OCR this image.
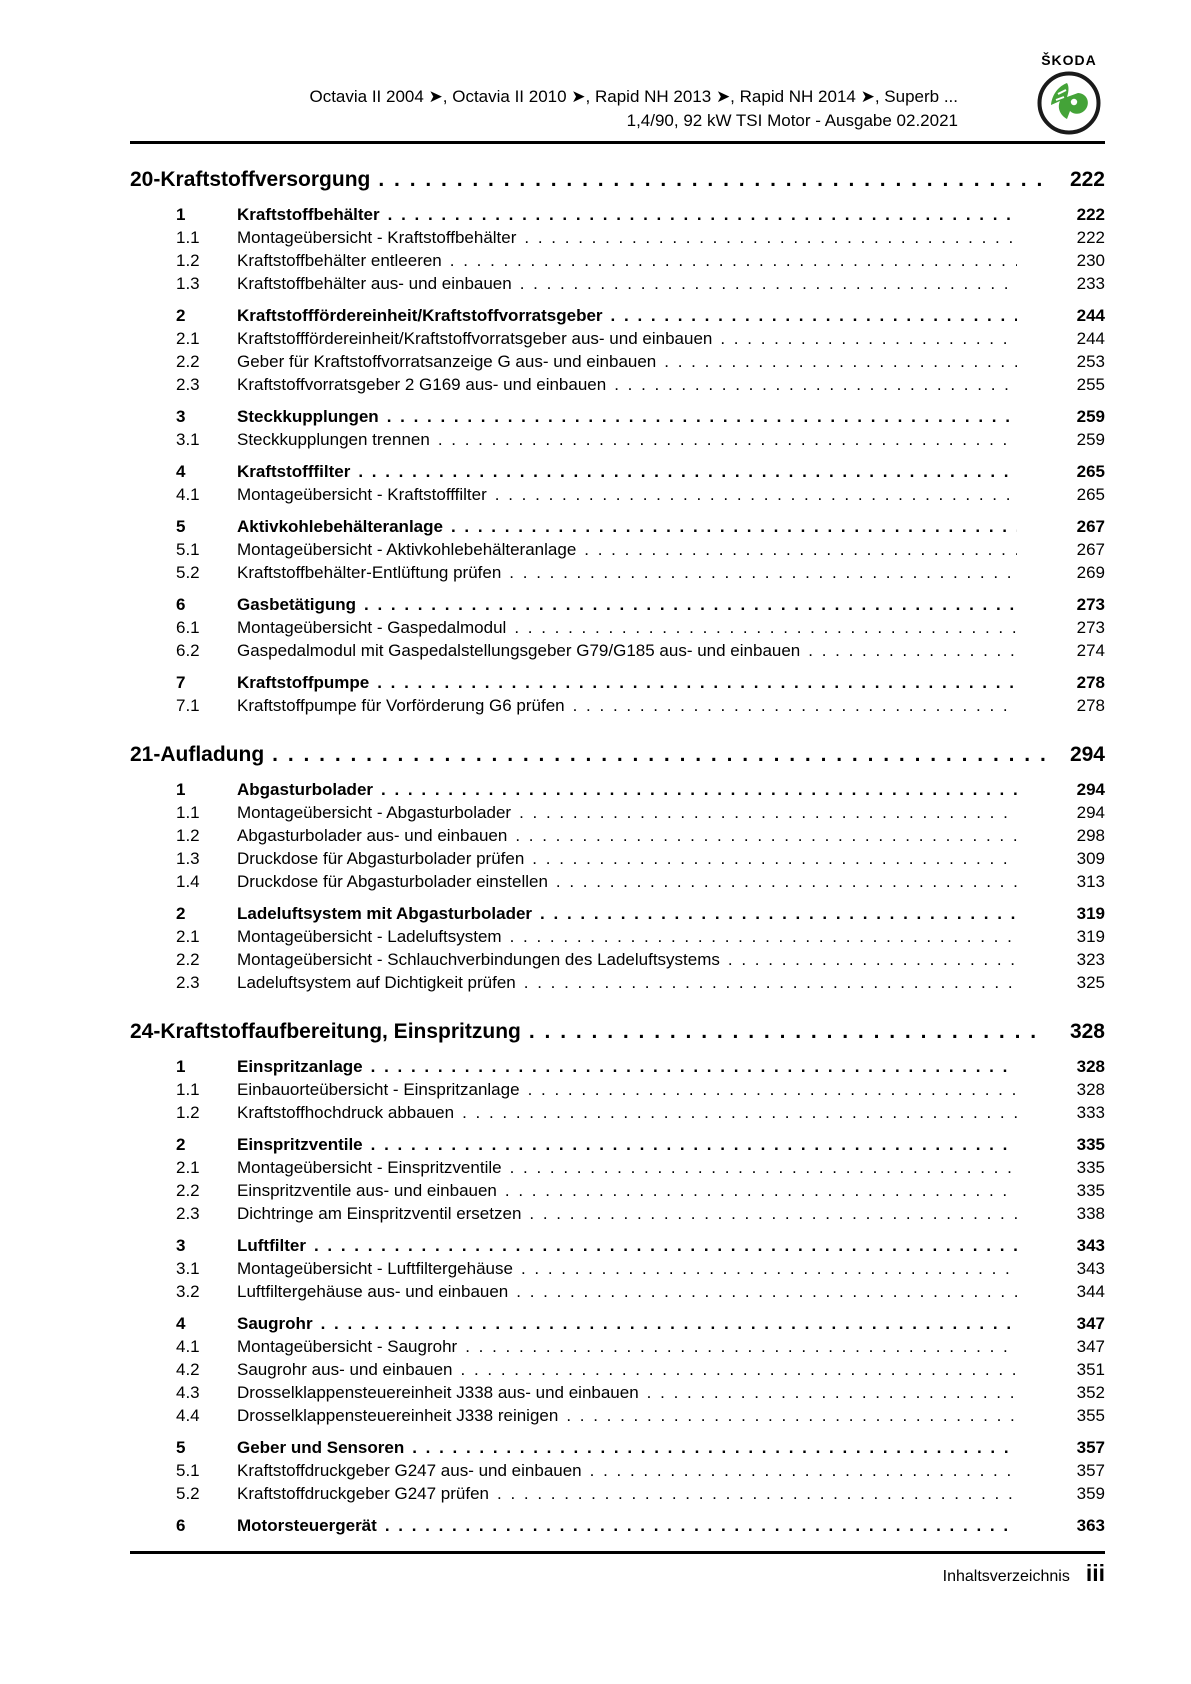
Octavia II 2004 ➤, Octavia II 2010 ➤, Rapid NH 2013 ➤, Rapid NH 2014 ➤, Superb ...
1,4/90, 92 kW TSI Motor - Ausgabe 02.2021
ŠKODA
20 - Kraftstoffversorgung . . .	222
1	Kraftstoffbehälter . . .	222
1.1	Montageübersicht - Kraftstoffbehälter . . .	222
1.2	Kraftstoffbehälter entleeren . . .	230
1.3	Kraftstoffbehälter aus- und einbauen . . .	233
2	Kraftstofffördereinheit/Kraftstoffvorratsgeber . . .	244
2.1	Kraftstofffördereinheit/Kraftstoffvorratsgeber aus- und einbauen . . .	244
2.2	Geber für Kraftstoffvorratsanzeige G aus- und einbauen . . .	253
2.3	Kraftstoffvorratsgeber 2 G169 aus- und einbauen . . .	255
3	Steckkupplungen . . .	259
3.1	Steckkupplungen trennen . . .	259
4	Kraftstofffilter . . .	265
4.1	Montageübersicht - Kraftstofffilter . . .	265
5	Aktivkohlebehälteranlage . . .	267
5.1	Montageübersicht - Aktivkohlebehälteranlage . . .	267
5.2	Kraftstoffbehälter-Entlüftung prüfen . . .	269
6	Gasbetätigung . . .	273
6.1	Montageübersicht - Gaspedalmodul . . .	273
6.2	Gaspedalmodul mit Gaspedalstellungsgeber G79/G185 aus- und einbauen . . .	274
7	Kraftstoffpumpe . . .	278
7.1	Kraftstoffpumpe für Vorförderung G6 prüfen . . .	278
21 - Aufladung . . .	294
1	Abgasturbolader . . .	294
1.1	Montageübersicht - Abgasturbolader . . .	294
1.2	Abgasturbolader aus- und einbauen . . .	298
1.3	Druckdose für Abgasturbolader prüfen . . .	309
1.4	Druckdose für Abgasturbolader einstellen . . .	313
2	Ladeluftsystem mit Abgasturbolader . . .	319
2.1	Montageübersicht - Ladeluftsystem . . .	319
2.2	Montageübersicht - Schlauchverbindungen des Ladeluftsystems . . .	323
2.3	Ladeluftsystem auf Dichtigkeit prüfen . . .	325
24 - Kraftstoffaufbereitung, Einspritzung . . .	328
1	Einspritzanlage . . .	328
1.1	Einbauorteübersicht - Einspritzanlage . . .	328
1.2	Kraftstoffhochdruck abbauen . . .	333
2	Einspritzventile . . .	335
2.1	Montageübersicht - Einspritzventile . . .	335
2.2	Einspritzventile aus- und einbauen . . .	335
2.3	Dichtringe am Einspritzventil ersetzen . . .	338
3	Luftfilter . . .	343
3.1	Montageübersicht - Luftfiltergehäuse . . .	343
3.2	Luftfiltergehäuse aus- und einbauen . . .	344
4	Saugrohr . . .	347
4.1	Montageübersicht - Saugrohr . . .	347
4.2	Saugrohr aus- und einbauen . . .	351
4.3	Drosselklappensteuereinheit J338 aus- und einbauen . . .	352
4.4	Drosselklappensteuereinheit J338 reinigen . . .	355
5	Geber und Sensoren . . .	357
5.1	Kraftstoffdruckgeber G247 aus- und einbauen . . .	357
5.2	Kraftstoffdruckgeber G247 prüfen . . .	359
6	Motorsteuergerät . . .	363
Inhaltsverzeichnis iii
